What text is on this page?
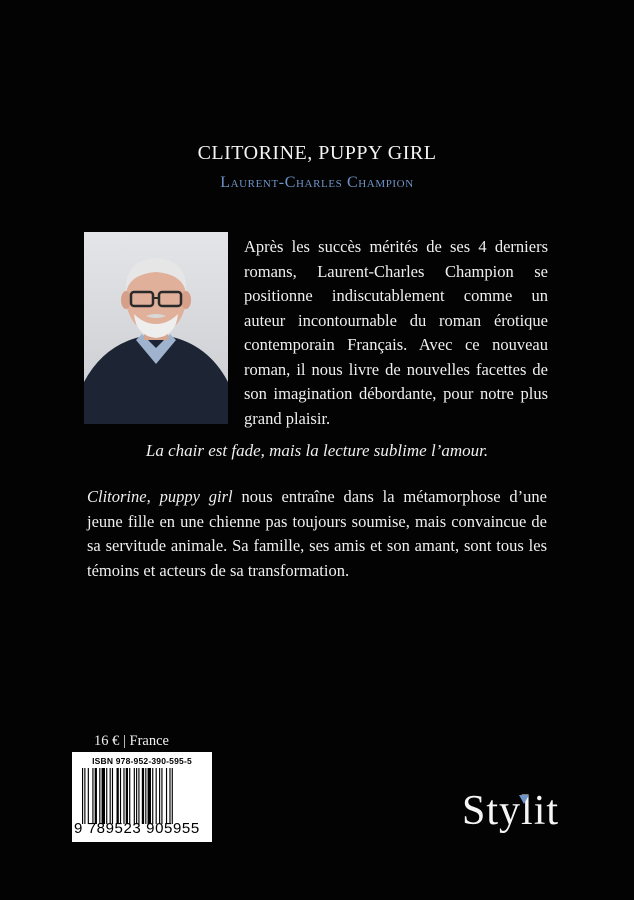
CLITORINE, PUPPY GIRL
Laurent-Charles Champion
Après les succès mérités de ses 4 derniers romans, Laurent-Charles Champion se positionne indiscutablement comme un auteur incontournable du roman érotique contemporain Français. Avec ce nouveau roman, il nous livre de nouvelles facettes de son imagination débordante, pour notre plus grand plaisir.
La chair est fade, mais la lecture sublime l’amour.
Clitorine, puppy girl nous entraîne dans la métamorphose d’une jeune fille en une chienne pas toujours soumise, mais convaincue de sa servitude animale. Sa famille, ses amis et son amant, sont tous les témoins et acteurs de sa transformation.
16 € | France
ISBN 978-952-390-595-5
9 789523 905955	Stylit
